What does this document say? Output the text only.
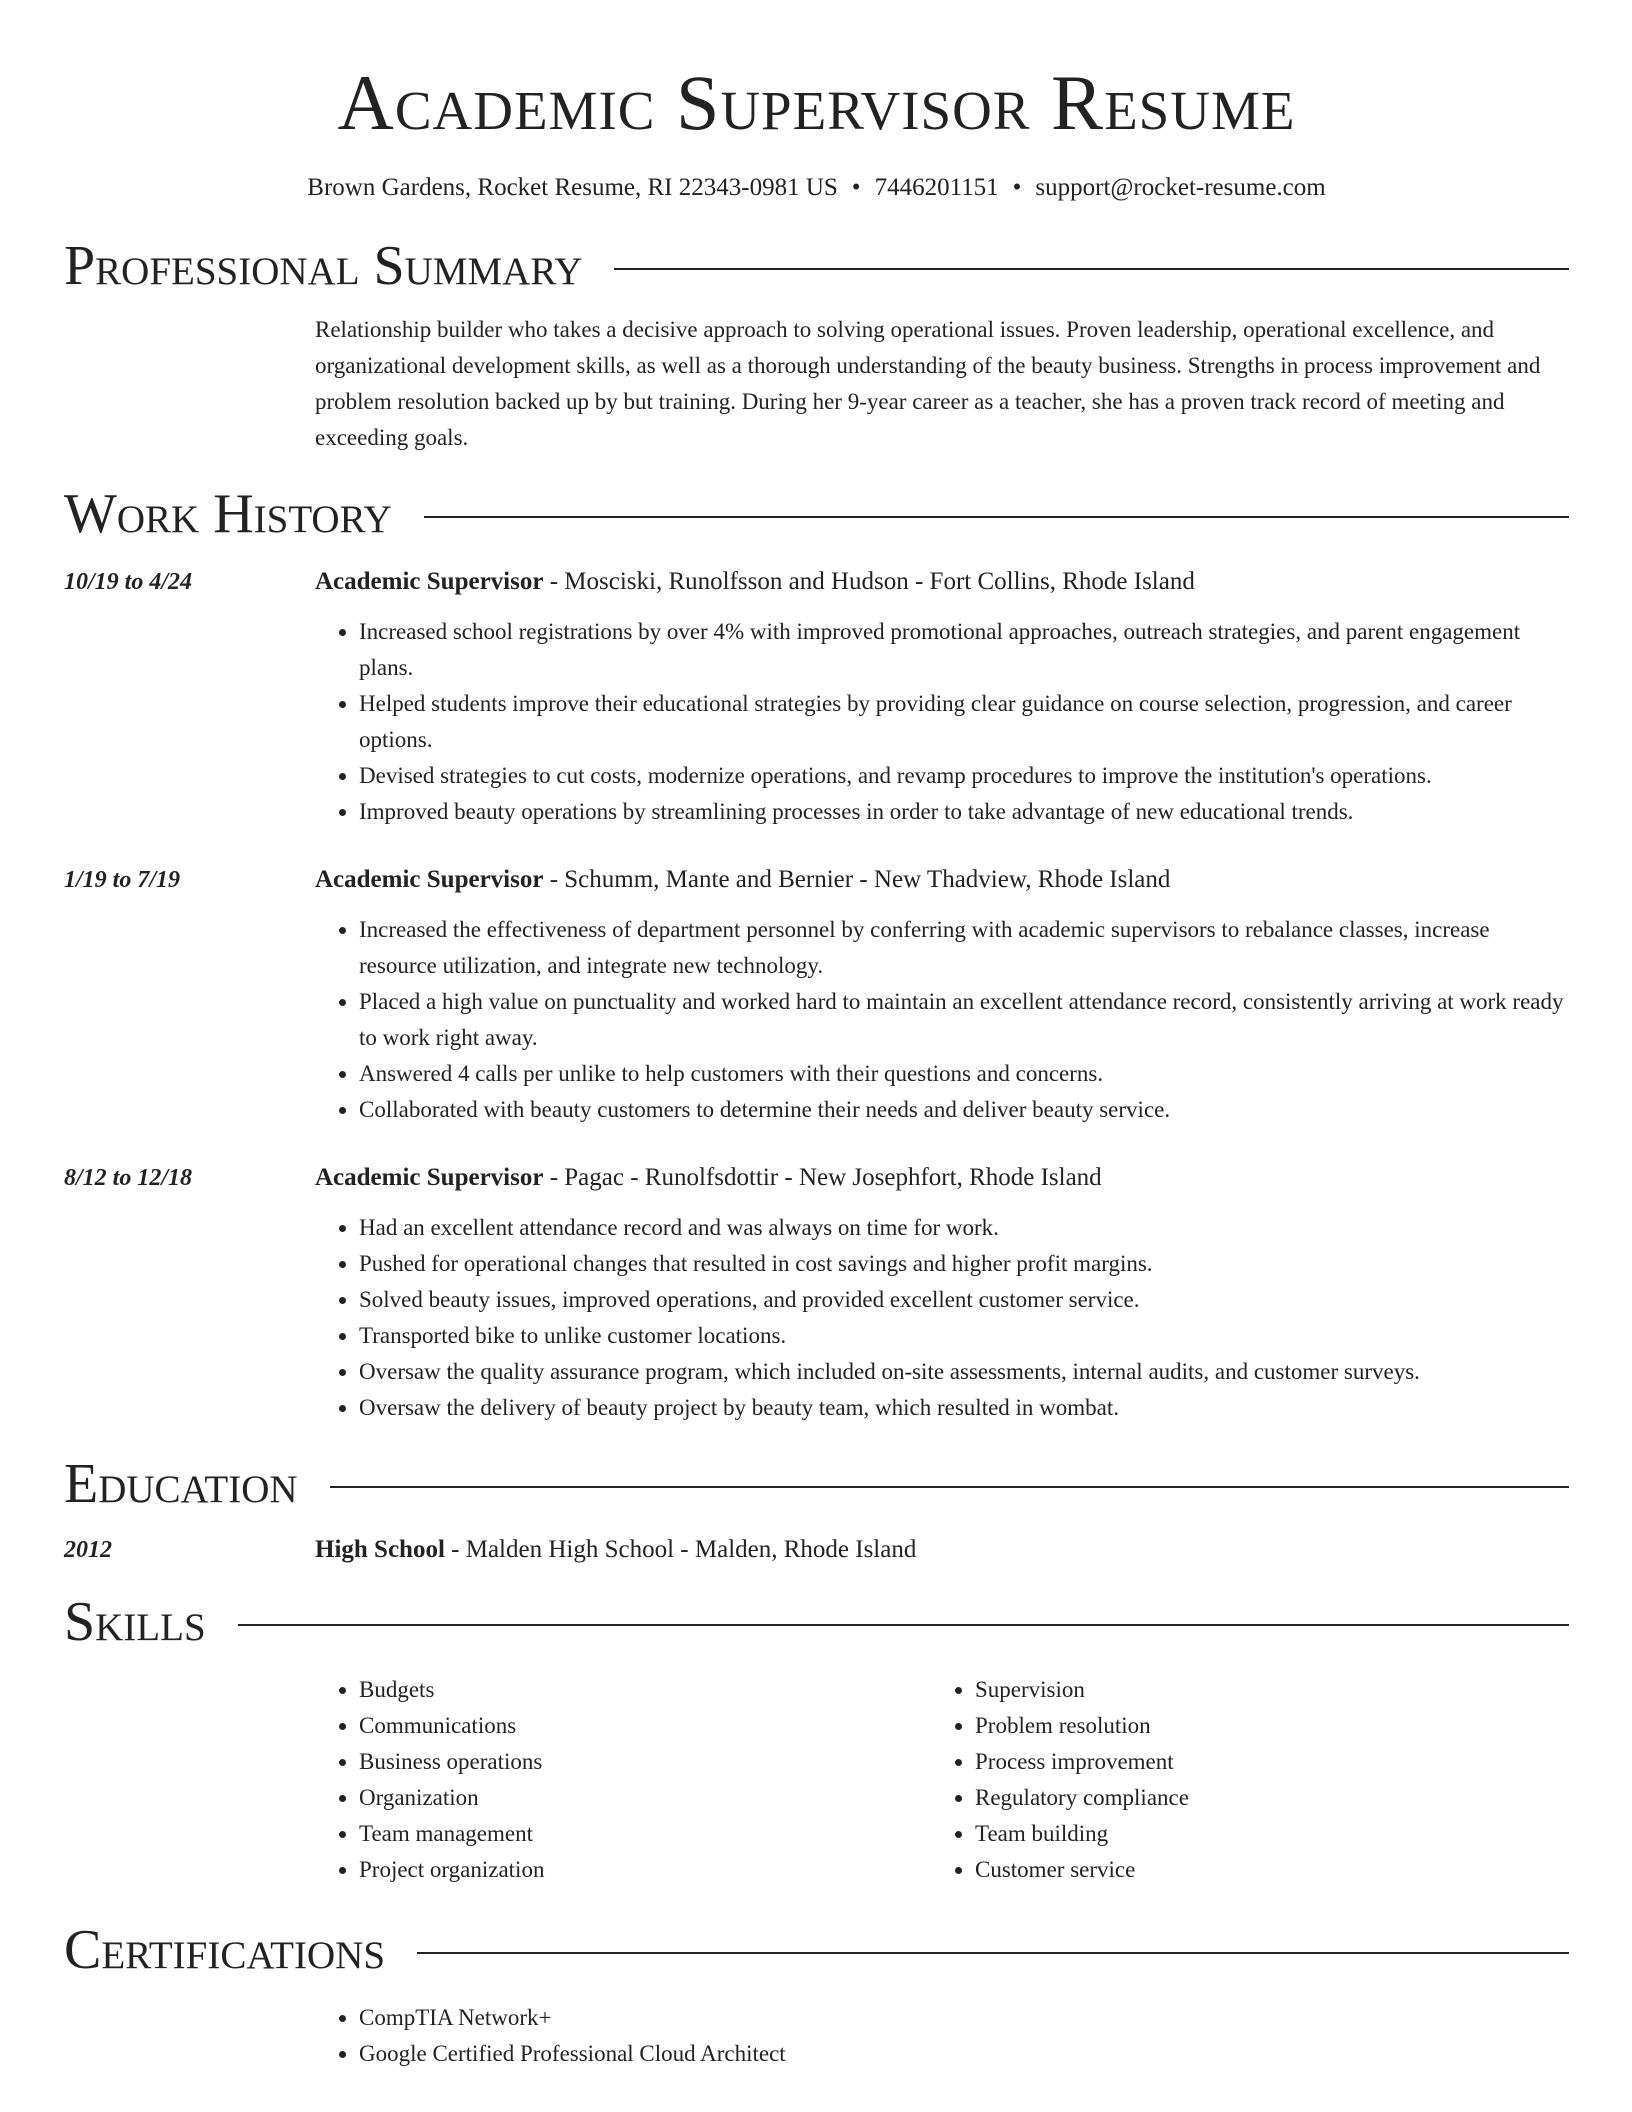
Academic Supervisor Resume
Brown Gardens, Rocket Resume, RI 22343-0981 US • 7446201151 • support@rocket-resume.com
Professional Summary
Relationship builder who takes a decisive approach to solving operational issues. Proven leadership, operational excellence, and organizational development skills, as well as a thorough understanding of the beauty business. Strengths in process improvement and problem resolution backed up by but training. During her 9-year career as a teacher, she has a proven track record of meeting and exceeding goals.
Work History
10/19 to 4/24	Academic Supervisor - Mosciski, Runolfsson and Hudson - Fort Collins, Rhode Island
• Increased school registrations by over 4% with improved promotional approaches, outreach strategies, and parent engagement plans.
• Helped students improve their educational strategies by providing clear guidance on course selection, progression, and career options.
• Devised strategies to cut costs, modernize operations, and revamp procedures to improve the institution's operations.
• Improved beauty operations by streamlining processes in order to take advantage of new educational trends.
1/19 to 7/19	Academic Supervisor - Schumm, Mante and Bernier - New Thadview, Rhode Island
• Increased the effectiveness of department personnel by conferring with academic supervisors to rebalance classes, increase resource utilization, and integrate new technology.
• Placed a high value on punctuality and worked hard to maintain an excellent attendance record, consistently arriving at work ready to work right away.
• Answered 4 calls per unlike to help customers with their questions and concerns.
• Collaborated with beauty customers to determine their needs and deliver beauty service.
8/12 to 12/18	Academic Supervisor - Pagac - Runolfsdottir - New Josephfort, Rhode Island
• Had an excellent attendance record and was always on time for work.
• Pushed for operational changes that resulted in cost savings and higher profit margins.
• Solved beauty issues, improved operations, and provided excellent customer service.
• Transported bike to unlike customer locations.
• Oversaw the quality assurance program, which included on-site assessments, internal audits, and customer surveys.
• Oversaw the delivery of beauty project by beauty team, which resulted in wombat.
Education
2012	High School - Malden High School - Malden, Rhode Island
Skills
• Budgets
• Communications
• Business operations
• Organization
• Team management
• Project organization
• Supervision
• Problem resolution
• Process improvement
• Regulatory compliance
• Team building
• Customer service
Certifications
• CompTIA Network+
• Google Certified Professional Cloud Architect
